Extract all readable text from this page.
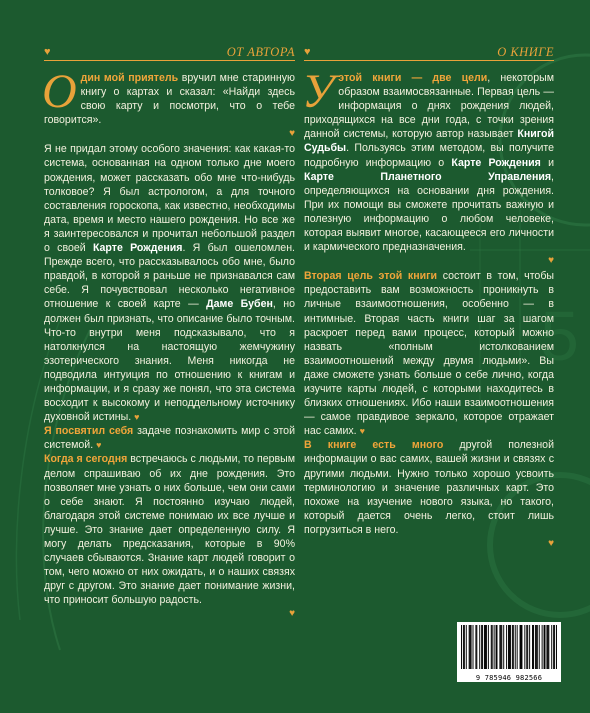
5
♥	ОТ АВТОРА

Один мой приятель вручил мне старинную книгу о картах и сказал: «Найди здесь свою карту и посмотри, что о тебе говорится».

♥

Я не придал этому особого значения: как какая-то система, основанная на одном только дне моего рождения, может рассказать обо мне что-нибудь толковое? Я был астрологом, а для точного составления гороскопа, как известно, необходимы дата, время и место нашего рождения. Но все же я заинтересовался и прочитал небольшой раздел о своей Карте Рождения. Я был ошеломлен. Прежде всего, что рассказывалось обо мне, было правдой, в которой я раньше не признавался сам себе. Я почувствовал несколько негативное отношение к своей карте — Даме Бубен, но должен был признать, что описание было точным. Что-то внутри меня подсказывало, что я натолкнулся на настоящую жемчужину эзотерического знания. Меня никогда не подводила интуиция по отношению к книгам и информации, и я сразу же понял, что эта система восходит к высокому и неподдельному источнику духовной истины. ♥

Я посвятил себя задаче познакомить мир с этой системой. ♥

Когда я сегодня встречаюсь с людьми, то первым делом спрашиваю об их дне рождения. Это позволяет мне узнать о них больше, чем они сами о себе знают. Я постоянно изучаю людей, благодаря этой системе понимаю их все лучше и лучше. Это знание дает определенную силу. Я могу делать предсказания, которые в 90% случаев сбываются. Знание карт людей говорит о том, чего можно от них ожидать, и о наших связях друг с другом. Это знание дает понимание жизни, что приносит большую радость.

♥
♥	О КНИГЕ

Уэтой книги — две цели, некоторым образом взаимосвязанные. Первая цель — информация о днях рождения людей, приходящихся на все дни года, с точки зрения данной системы, которую автор называет Книгой Судьбы. Пользуясь этим методом, вы получите подробную информацию о Карте Рождения и Карте Планетного Управления, определяющихся на основании дня рождения. При их помощи вы сможете прочитать важную и полезную информацию о любом человеке, которая выявит многое, касающееся его личности и кармического предназначения.

♥

Вторая цель этой книги состоит в том, чтобы предоставить вам возможность проникнуть в личные взаимоотношения, особенно — в интимные. Вторая часть книги шаг за шагом раскроет перед вами процесс, который можно назвать «полным истолкованием взаимоотношений между двумя людьми». Вы даже сможете узнать больше о себе лично, когда изучите карты людей, с которыми находитесь в близких отношениях. Ибо наши взаимоотношения — самое правдивое зеркало, которое отражает нас самих. ♥

В книге есть много другой полезной информации о вас самих, вашей жизни и связях с другими людьми. Нужно только хорошо усвоить терминологию и значение различных карт. Это похоже на изучение нового языка, но такого, который дается очень легко, стоит лишь погрузиться в него.

♥
9 785946 982566
